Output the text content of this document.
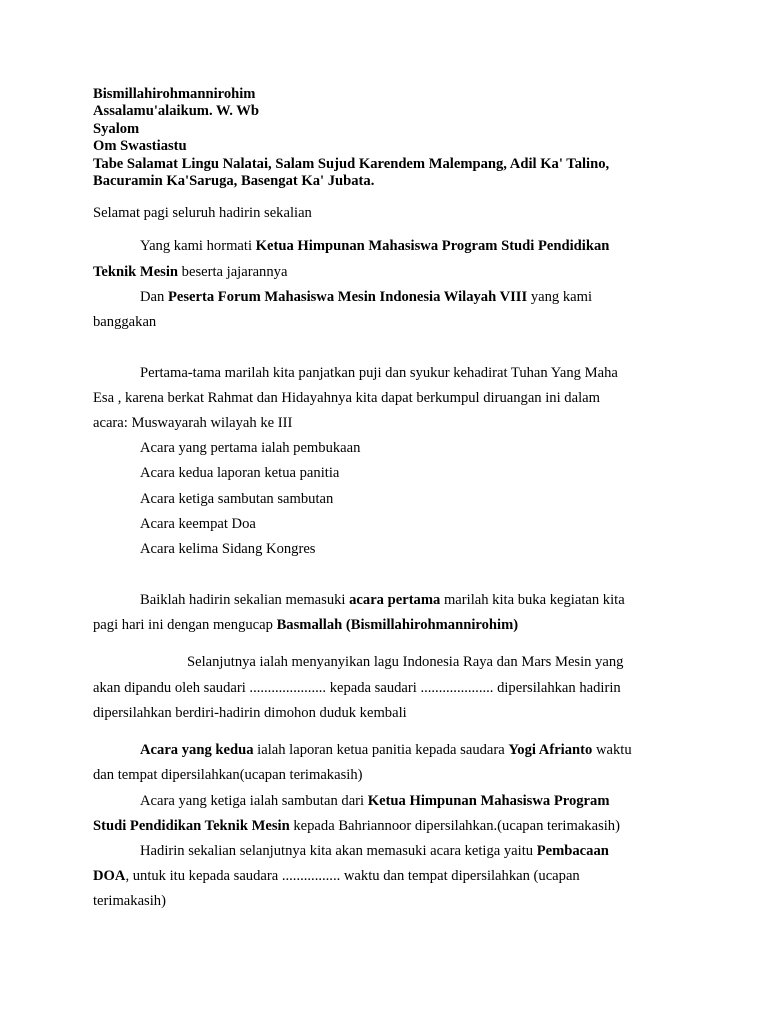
Bismillahirohmannirohim
Assalamu'alaikum. W. Wb
Syalom
Om Swastiastu
Tabe Salamat Lingu Nalatai, Salam Sujud Karendem Malempang, Adil Ka' Talino,
Bacuramin Ka'Saruga, Basengat Ka' Jubata.
Selamat pagi seluruh hadirin sekalian
Yang kami hormati Ketua Himpunan Mahasiswa Program Studi Pendidikan
Teknik Mesin beserta jajarannya
Dan Peserta Forum Mahasiswa Mesin Indonesia Wilayah VIII yang kami
banggakan
Pertama-tama marilah kita panjatkan puji dan syukur kehadirat Tuhan Yang Maha
Esa , karena berkat Rahmat dan Hidayahnya kita dapat berkumpul diruangan ini dalam
acara: Muswayarah wilayah ke III
Acara yang pertama ialah pembukaan
Acara kedua laporan ketua panitia
Acara ketiga sambutan sambutan
Acara keempat Doa
Acara kelima Sidang Kongres
Baiklah hadirin sekalian memasuki acara pertama marilah kita buka kegiatan kita
pagi hari ini dengan mengucap Basmallah (Bismillahirohmannirohim)
Selanjutnya ialah menyanyikan lagu Indonesia Raya dan Mars Mesin yang
akan dipandu oleh saudari ..................... kepada saudari .................... dipersilahkan hadirin
dipersilahkan berdiri-hadirin dimohon duduk kembali
Acara yang kedua ialah laporan ketua panitia kepada saudara Yogi Afrianto waktu
dan tempat dipersilahkan(ucapan terimakasih)
Acara yang ketiga ialah sambutan dari Ketua Himpunan Mahasiswa Program
Studi Pendidikan Teknik Mesin kepada Bahriannoor dipersilahkan.(ucapan terimakasih)
Hadirin sekalian selanjutnya kita akan memasuki acara ketiga yaitu Pembacaan
DOA, untuk itu kepada saudara ................ waktu dan tempat dipersilahkan (ucapan
terimakasih)
